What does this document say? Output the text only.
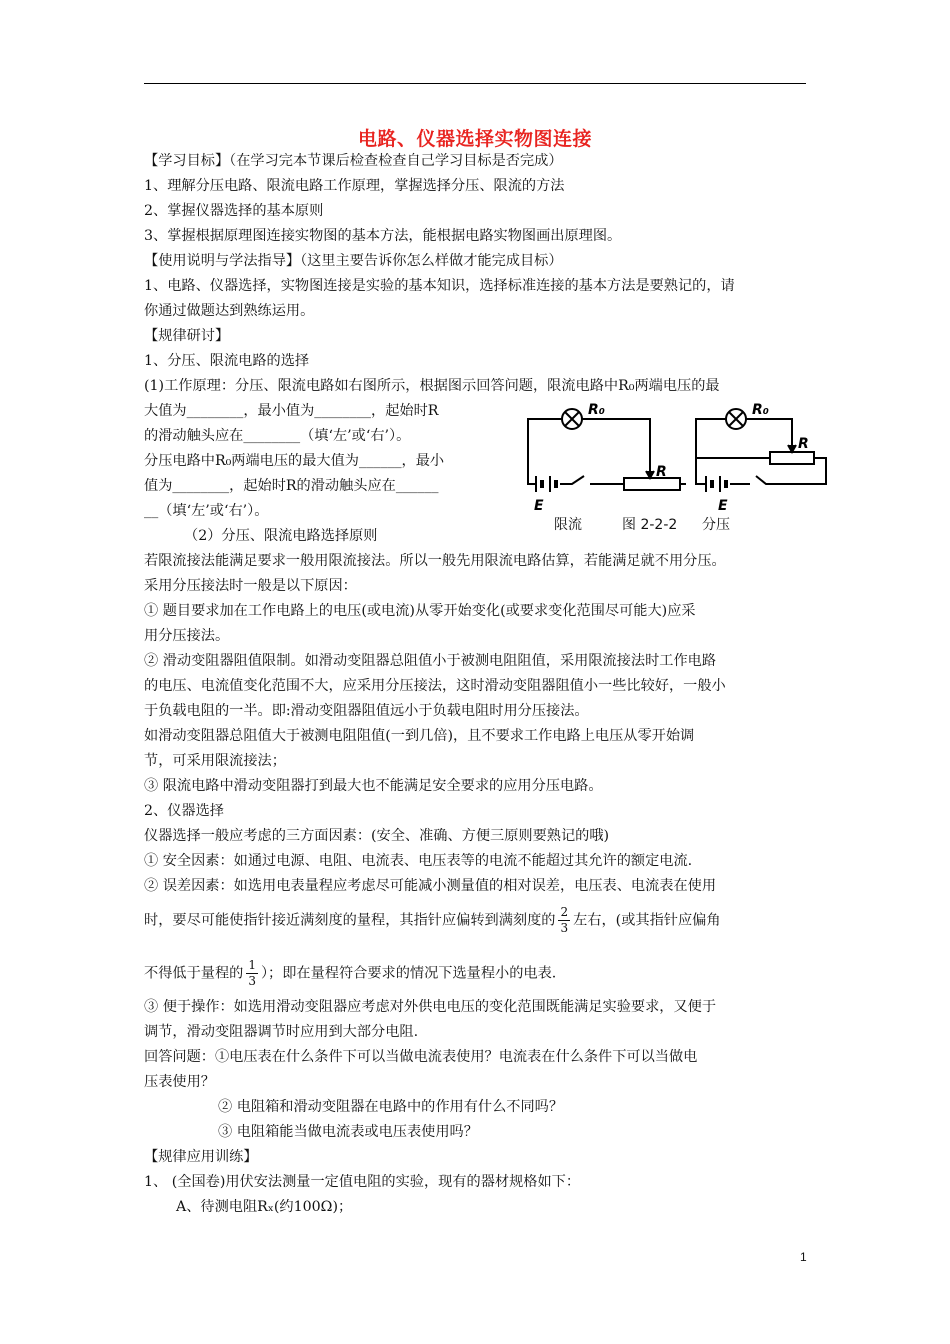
电路、仪器选择实物图连接
【学习目标】（在学习完本节课后检查检查自己学习目标是否完成）
1、理解分压电路、限流电路工作原理，掌握选择分压、限流的方法
2、掌握仪器选择的基本原则
3、掌握根据原理图连接实物图的基本方法，能根据电路实物图画出原理图。
【使用说明与学法指导】（这里主要告诉你怎么样做才能完成目标）
1、电路、仪器选择，实物图连接是实验的基本知识，选择标准连接的基本方法是要熟记的，请
你通过做题达到熟练运用。
【规律研讨】
1、分压、限流电路的选择
(1)工作原理：分压、限流电路如右图所示，根据图示回答问题，限流电路中R₀两端电压的最
大值为________，最小值为________，起始时R
的滑动触头应在________（填‘左’或‘右’）。
分压电路中R₀两端电压的最大值为______，最小
值为________，起始时R的滑动触头应在______
__（填‘左’或‘右’）。
（2）分压、限流电路选择原则
若限流接法能满足要求一般用限流接法。所以一般先用限流电路估算，若能满足就不用分压。
采用分压接法时一般是以下原因：
① 题目要求加在工作电路上的电压(或电流)从零开始变化(或要求变化范围尽可能大)应采
用分压接法。
② 滑动变阻器阻值限制。如滑动变阻器总阻值小于被测电阻阻值，采用限流接法时工作电路
的电压、电流值变化范围不大，应采用分压接法，这时滑动变阻器阻值小一些比较好，一般小
于负载电阻的一半。即:滑动变阻器阻值远小于负载电阻时用分压接法。
如滑动变阻器总阻值大于被测电阻阻值(一到几倍)，且不要求工作电路上电压从零开始调
节，可采用限流接法；
③ 限流电路中滑动变阻器打到最大也不能满足安全要求的应用分压电路。
2、仪器选择
仪器选择一般应考虑的三方面因素：(安全、准确、方便三原则要熟记的哦)
① 安全因素：如通过电源、电阻、电流表、电压表等的电流不能超过其允许的额定电流.
② 误差因素：如选用电表量程应考虑尽可能减小测量值的相对误差，电压表、电流表在使用
时，要尽可能使指针接近满刻度的量程，其指针应偏转到满刻度的 $\frac{2}{3}$ 左右，(或其指针应偏角
不得低于量程的 $\frac{1}{3}$ ）；即在量程符合要求的情况下选量程小的电表.
③ 便于操作：如选用滑动变阻器应考虑对外供电电压的变化范围既能满足实验要求，又便于
调节，滑动变阻器调节时应用到大部分电阻.
回答问题：①电压表在什么条件下可以当做电流表使用？电流表在什么条件下可以当做电
压表使用？
② 电阻箱和滑动变阻器在电路中的作用有什么不同吗？
③ 电阻箱能当做电流表或电压表使用吗？
【规律应用训练】
1、 (全国卷)用伏安法测量一定值电阻的实验，现有的器材规格如下：
A、待测电阻Rₓ(约100Ω)；
R₀
R
E
R₀
R
E
限流	图 2-2-2 分压
1
